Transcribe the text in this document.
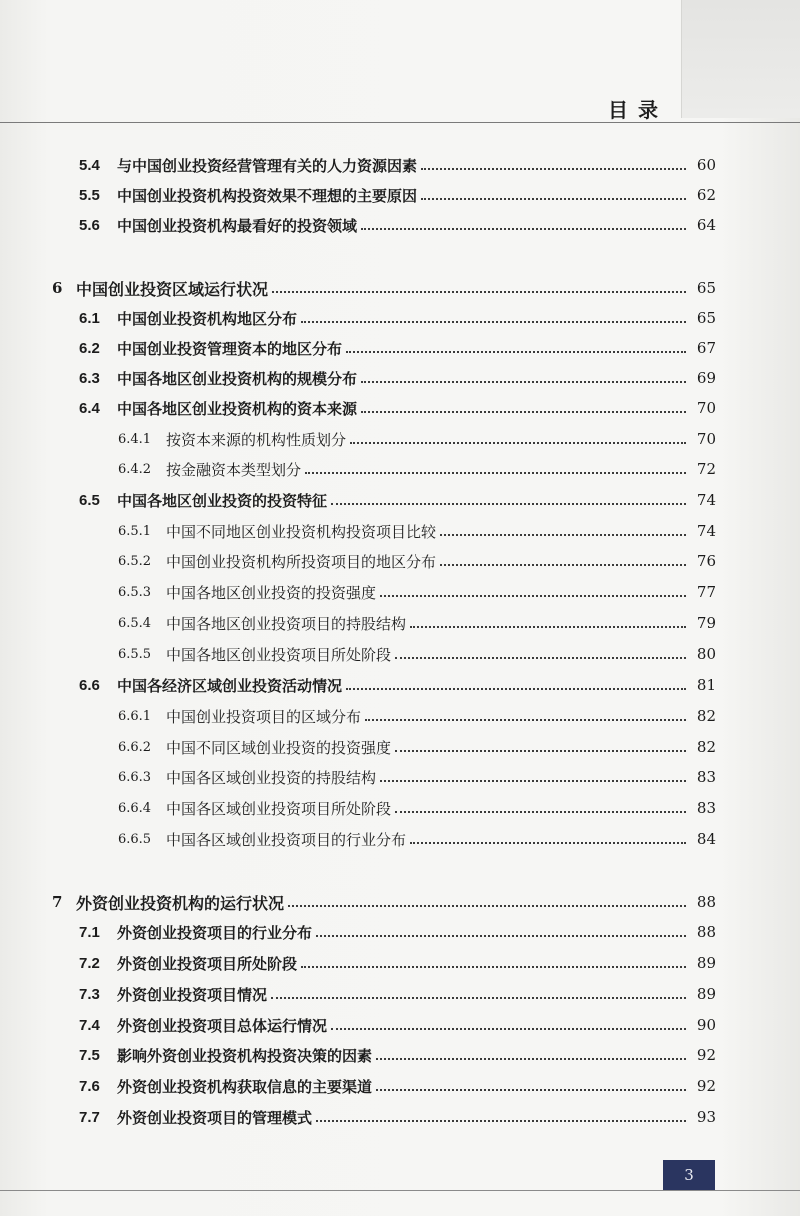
目录
5.4	与中国创业投资经营管理有关的人力资源因素	60
5.5	中国创业投资机构投资效果不理想的主要原因	62
5.6	中国创业投资机构最看好的投资领域	64
6 中国创业投资区域运行状况	65
6.1	中国创业投资机构地区分布	65
6.2	中国创业投资管理资本的地区分布	67
6.3	中国各地区创业投资机构的规模分布	69
6.4	中国各地区创业投资机构的资本来源	70
6.4.1 按资本来源的机构性质划分	70
6.4.2 按金融资本类型划分	72
6.5	中国各地区创业投资的投资特征	74
6.5.1 中国不同地区创业投资机构投资项目比较	74
6.5.2 中国创业投资机构所投资项目的地区分布	76
6.5.3 中国各地区创业投资的投资强度	77
6.5.4 中国各地区创业投资项目的持股结构	79
6.5.5 中国各地区创业投资项目所处阶段	80
6.6	中国各经济区域创业投资活动情况	81
6.6.1 中国创业投资项目的区域分布	82
6.6.2 中国不同区域创业投资的投资强度	82
6.6.3 中国各区域创业投资的持股结构	83
6.6.4 中国各区域创业投资项目所处阶段	83
6.6.5 中国各区域创业投资项目的行业分布	84
7 外资创业投资机构的运行状况	88
7.1	外资创业投资项目的行业分布	88
7.2	外资创业投资项目所处阶段	89
7.3	外资创业投资项目情况	89
7.4	外资创业投资项目总体运行情况	90
7.5	影响外资创业投资机构投资决策的因素	92
7.6	外资创业投资机构获取信息的主要渠道	92
7.7	外资创业投资项目的管理模式	93
3
